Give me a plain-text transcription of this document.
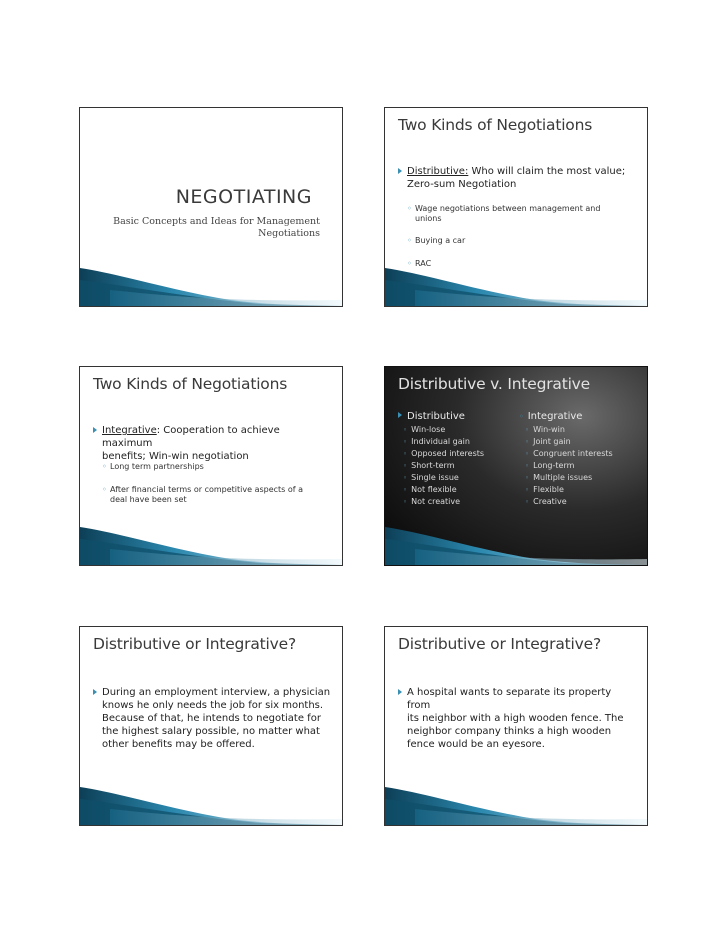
NEGOTIATING
Basic Concepts and Ideas for Management
Negotiations
Two Kinds of Negotiations
Distributive: Who will claim the most value;
Zero-sum Negotiation
◦ Wage negotiations between management and
unions
◦ Buying a car
◦ RAC
Two Kinds of Negotiations
Integrative: Cooperation to achieve maximum
benefits; Win-win negotiation
◦ Long term partnerships
◦ After financial terms or competitive aspects of a
deal have been set
Distributive v. Integrative
Distributive	◦ Integrative
◦ Win-lose
◦ Individual gain
◦ Opposed interests
◦ Short-term
◦ Single issue
◦ Not flexible
◦ Not creative
◦ Win-win
◦ Joint gain
◦ Congruent interests
◦ Long-term
◦ Multiple issues
◦ Flexible
◦ Creative
Distributive or Integrative?
During an employment interview, a physician
knows he only needs the job for six months.
Because of that, he intends to negotiate for
the highest salary possible, no matter what
other benefits may be offered.
Distributive or Integrative?
A hospital wants to separate its property from
its neighbor with a high wooden fence. The
neighbor company thinks a high wooden
fence would be an eyesore.
